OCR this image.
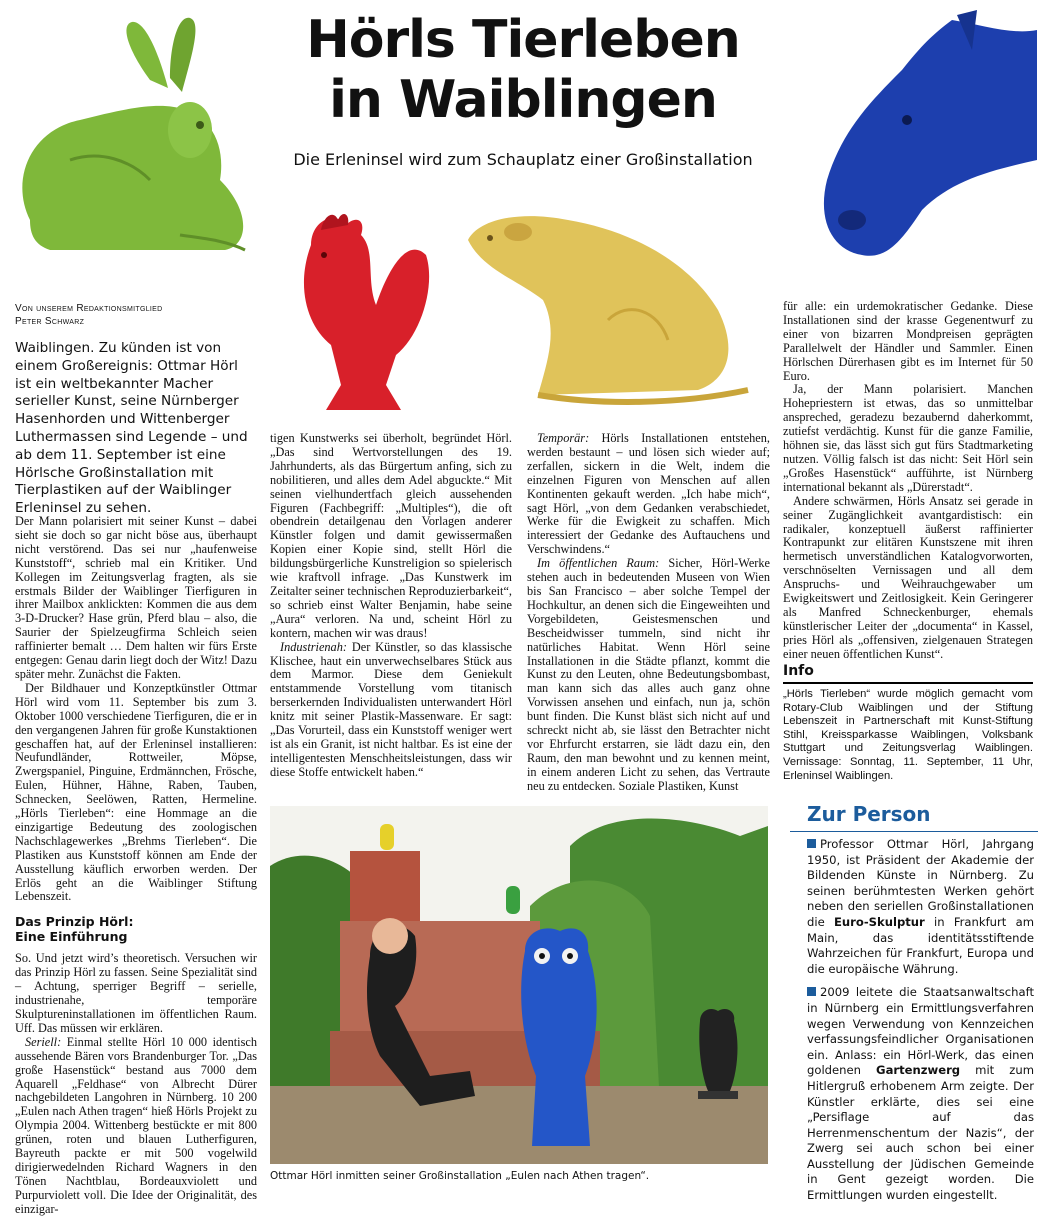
Hörls Tierleben
in Waiblingen
Die Erleninsel wird zum Schauplatz einer Großinstallation
Von unserem Redaktionsmitglied
Peter Schwarz
Waiblingen. Zu künden ist von einem Großereignis: Ottmar Hörl ist ein weltbekannter Macher serieller Kunst, seine Nürnberger Hasenhorden und Wittenberger Luthermassen sind Legende – und ab dem 11. September ist eine Hörlsche Großinstallation mit Tierplastiken auf der Waiblinger Erleninsel zu sehen.

Der Mann polarisiert mit seiner Kunst – dabei sieht sie doch so gar nicht böse aus, überhaupt nicht verstörend. Das sei nur „haufenweise Kunststoff“, schrieb mal ein Kritiker. Und Kollegen im Zeitungsverlag fragten, als sie erstmals Bilder der Waiblinger Tierfiguren in ihrer Mailbox anklickten: Kommen die aus dem 3-D-Drucker? Hase grün, Pferd blau – also, die Saurier der Spielzeugfirma Schleich seien raffinierter bemalt … Dem halten wir fürs Erste entgegen: Genau darin liegt doch der Witz! Dazu später mehr. Zunächst die Fakten.

Der Bildhauer und Konzeptkünstler Ottmar Hörl wird vom 11. September bis zum 3. Oktober 1000 verschiedene Tierfiguren, die er in den vergangenen Jahren für große Kunstaktionen geschaffen hat, auf der Erleninsel installieren: Neufundländer, Rottweiler, Möpse, Zwergspaniel, Pinguine, Erdmännchen, Frösche, Eulen, Hühner, Hähne, Raben, Tauben, Schnecken, Seelöwen, Ratten, Hermeline. „Hörls Tierleben“: eine Hommage an die einzigartige Bedeutung des zoologischen Nachschlagewerkes „Brehms Tierleben“. Die Plastiken aus Kunststoff können am Ende der Ausstellung käuflich erworben werden. Der Erlös geht an die Waiblinger Stiftung Lebenszeit.

Das Prinzip Hörl:
Eine Einführung

So. Und jetzt wird’s theoretisch. Versuchen wir das Prinzip Hörl zu fassen. Seine Spezialität sind – Achtung, sperriger Begriff – serielle, industrienahe, temporäre Skulptureninstallationen im öffentlichen Raum. Uff. Das müssen wir erklären.

Seriell: Einmal stellte Hörl 10 000 identisch aussehende Bären vors Brandenburger Tor. „Das große Hasenstück“ bestand aus 7000 dem Aquarell „Feldhase“ von Albrecht Dürer nachgebildeten Langohren in Nürnberg. 10 200 „Eulen nach Athen tragen“ hieß Hörls Projekt zu Olympia 2004. Wittenberg bestückte er mit 800 grünen, roten und blauen Lutherfiguren, Bayreuth packte er mit 500 vogelwild dirigierwedelnden Richard Wagners in den Tönen Nachtblau, Bordeauxviolett und Purpurviolett voll. Die Idee der Originalität, des einzigar-

tigen Kunstwerks sei überholt, begründet Hörl. „Das sind Wertvorstellungen des 19. Jahrhunderts, als das Bürgertum anfing, sich zu nobilitieren, und alles dem Adel abguckte.“ Mit seinen vielhundertfach gleich aussehenden Figuren (Fachbegriff: „Multiples“), die oft obendrein detailgenau den Vorlagen anderer Künstler folgen und damit gewissermaßen Kopien einer Kopie sind, stellt Hörl die bildungsbürgerliche Kunstreligion so spielerisch wie kraftvoll infrage. „Das Kunstwerk im Zeitalter seiner technischen Reproduzierbarkeit“, so schrieb einst Walter Benjamin, habe seine „Aura“ verloren. Na und, scheint Hörl zu kontern, machen wir was draus!

Industrienah: Der Künstler, so das klassische Klischee, haut ein unverwechselbares Stück aus dem Marmor. Diese dem Geniekult entstammende Vorstellung vom titanisch berserkernden Individualisten unterwandert Hörl knitz mit seiner Plastik-Massenware. Er sagt: „Das Vorurteil, dass ein Kunststoff weniger wert ist als ein Granit, ist nicht haltbar. Es ist eine der intelligentesten Menschheitsleistungen, dass wir diese Stoffe entwickelt haben.“

Temporär: Hörls Installationen entstehen, werden bestaunt – und lösen sich wieder auf; zerfallen, sickern in die Welt, indem die einzelnen Figuren von Menschen auf allen Kontinenten gekauft werden. „Ich habe mich“, sagt Hörl, „von dem Gedanken verabschiedet, Werke für die Ewigkeit zu schaffen. Mich interessiert der Gedanke des Auftauchens und Verschwindens.“

Im öffentlichen Raum: Sicher, Hörl-Werke stehen auch in bedeutenden Museen von Wien bis San Francisco – aber solche Tempel der Hochkultur, an denen sich die Eingeweihten und Vorgebildeten, Geistesmenschen und Bescheidwisser tummeln, sind nicht ihr natürliches Habitat. Wenn Hörl seine Installationen in die Städte pflanzt, kommt die Kunst zu den Leuten, ohne Bedeutungsbombast, man kann sich das alles auch ganz ohne Vorwissen ansehen und einfach, nun ja, schön bunt finden. Die Kunst bläst sich nicht auf und schreckt nicht ab, sie lässt den Betrachter nicht vor Ehrfurcht erstarren, sie lädt dazu ein, den Raum, den man bewohnt und zu kennen meint, in einem anderen Licht zu sehen, das Vertraute neu zu entdecken. Soziale Plastiken, Kunst

für alle: ein urdemokratischer Gedanke. Diese Installationen sind der krasse Gegenentwurf zu einer von bizarren Mondpreisen geprägten Parallelwelt der Händler und Sammler. Einen Hörlschen Dürerhasen gibt es im Internet für 50 Euro.

Ja, der Mann polarisiert. Manchen Hohepriestern ist etwas, das so unmittelbar anspreched, geradezu bezaubernd daherkommt, zutiefst verdächtig. Kunst für die ganze Familie, höhnen sie, das lässt sich gut fürs Stadtmarketing nutzen. Völlig falsch ist das nicht: Seit Hörl sein „Großes Hasenstück“ aufführte, ist Nürnberg international bekannt als „Dürerstadt“.

Andere schwärmen, Hörls Ansatz sei gerade in seiner Zugänglichkeit avantgardistisch: ein radikaler, konzeptuell äußerst raffinierter Kontrapunkt zur elitären Kunstszene mit ihren hermetisch unverständlichen Katalogvorworten, verschnöselten Vernissagen und all dem Anspruchs- und Weihrauchgewaber um Ewigkeitswert und Zeitlosigkeit. Kein Geringerer als Manfred Schneckenburger, ehemals künstlerischer Leiter der „documenta“ in Kassel, pries Hörl als „offensiven, zielgenauen Strategen einer neuen öffentlichen Kunst“.

Info
„Hörls Tierleben“ wurde möglich gemacht vom Rotary-Club Waiblingen und der Stiftung Lebenszeit in Partnerschaft mit Kunst-Stiftung Stihl, Kreissparkasse Waiblingen, Volksbank Stuttgart und Zeitungsverlag Waiblingen. Vernissage: Sonntag, 11. September, 11 Uhr, Erleninsel Waiblingen.
Ottmar Hörl inmitten seiner Großinstallation „Eulen nach Athen tragen“.
Zur Person

Professor Ottmar Hörl, Jahrgang 1950, ist Präsident der Akademie der Bildenden Künste in Nürnberg. Zu seinen berühmtesten Werken gehört neben den seriellen Großinstallationen die Euro-Skulptur in Frankfurt am Main, das identitätsstiftende Wahrzeichen für Frankfurt, Europa und die europäische Währung.

2009 leitete die Staatsanwaltschaft in Nürnberg ein Ermittlungsverfahren wegen Verwendung von Kennzeichen verfassungsfeindlicher Organisationen ein. Anlass: ein Hörl-Werk, das einen goldenen Gartenzwerg mit zum Hitlergruß erhobenem Arm zeigte. Der Künstler erklärte, dies sei eine „Persiflage auf das Herrenmenschentum der Nazis“, der Zwerg sei auch schon bei einer Ausstellung der Jüdischen Gemeinde in Gent gezeigt worden. Die Ermittlungen wurden eingestellt.
